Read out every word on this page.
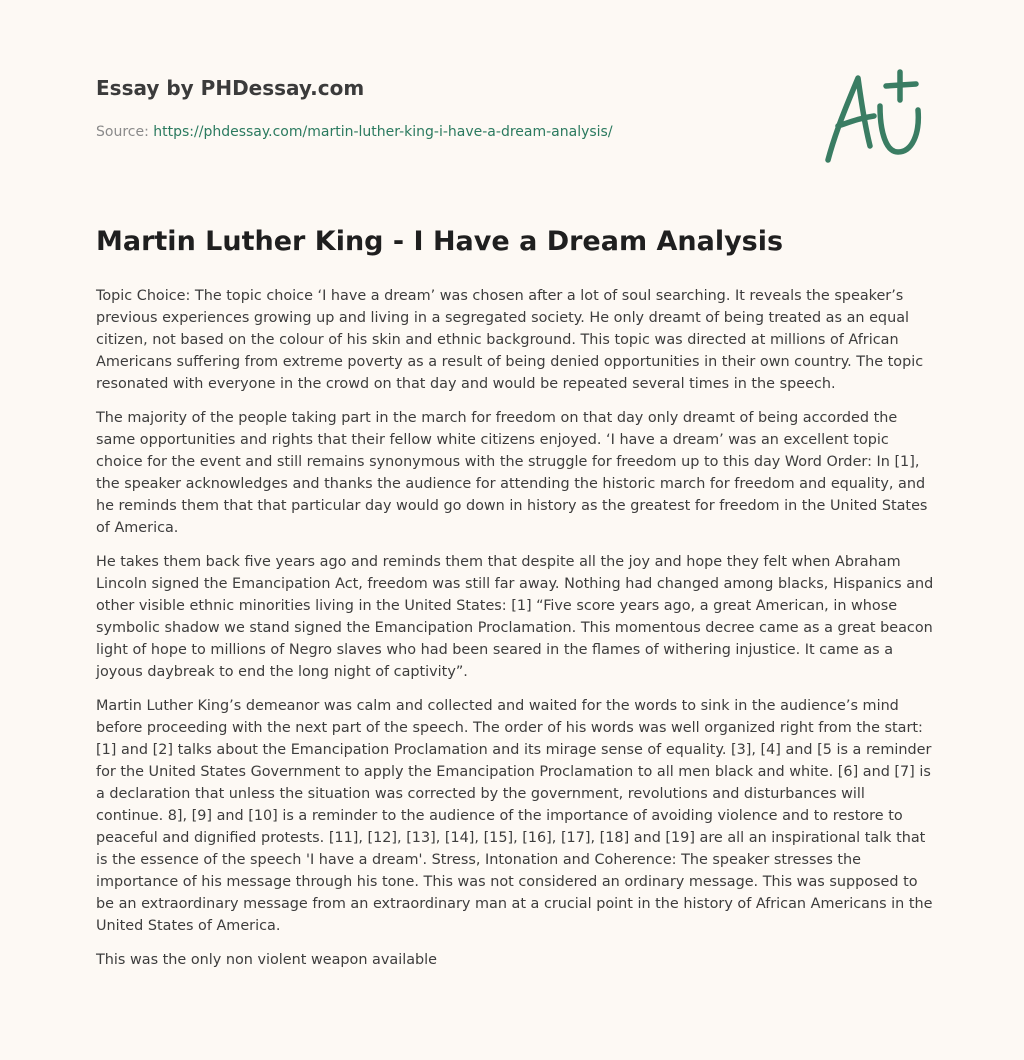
Essay by PHDessay.com
Source: https://phdessay.com/martin-luther-king-i-have-a-dream-analysis/
Martin Luther King - I Have a Dream Analysis

Topic Choice: The topic choice ‘I have a dream’ was chosen after a lot of soul searching. It reveals the speaker’s previous experiences growing up and living in a segregated society. He only dreamt of being treated as an equal citizen, not based on the colour of his skin and ethnic background. This topic was directed at millions of African Americans suffering from extreme poverty as a result of being denied opportunities in their own country. The topic resonated with everyone in the crowd on that day and would be repeated several times in the speech.

The majority of the people taking part in the march for freedom on that day only dreamt of being accorded the same opportunities and rights that their fellow white citizens enjoyed. ‘I have a dream’ was an excellent topic choice for the event and still remains synonymous with the struggle for freedom up to this day Word Order: In [1], the speaker acknowledges and thanks the audience for attending the historic march for freedom and equality, and he reminds them that that particular day would go down in history as the greatest for freedom in the United States of America.

He takes them back five years ago and reminds them that despite all the joy and hope they felt when Abraham Lincoln signed the Emancipation Act, freedom was still far away. Nothing had changed among blacks, Hispanics and other visible ethnic minorities living in the United States: [1] “Five score years ago, a great American, in whose symbolic shadow we stand signed the Emancipation Proclamation. This momentous decree came as a great beacon light of hope to millions of Negro slaves who had been seared in the flames of withering injustice. It came as a joyous daybreak to end the long night of captivity”.

Martin Luther King’s demeanor was calm and collected and waited for the words to sink in the audience’s mind before proceeding with the next part of the speech. The order of his words was well organized right from the start: [1] and [2] talks about the Emancipation Proclamation and its mirage sense of equality. [3], [4] and [5 is a reminder for the United States Government to apply the Emancipation Proclamation to all men black and white. [6] and [7] is a declaration that unless the situation was corrected by the government, revolutions and disturbances will continue. 8], [9] and [10] is a reminder to the audience of the importance of avoiding violence and to restore to peaceful and dignified protests. [11], [12], [13], [14], [15], [16], [17], [18] and [19] are all an inspirational talk that is the essence of the speech 'I have a dream'. Stress, Intonation and Coherence: The speaker stresses the importance of his message through his tone. This was not considered an ordinary message. This was supposed to be an extraordinary message from an extraordinary man at a crucial point in the history of African Americans in the United States of America.

This was the only non violent weapon available
